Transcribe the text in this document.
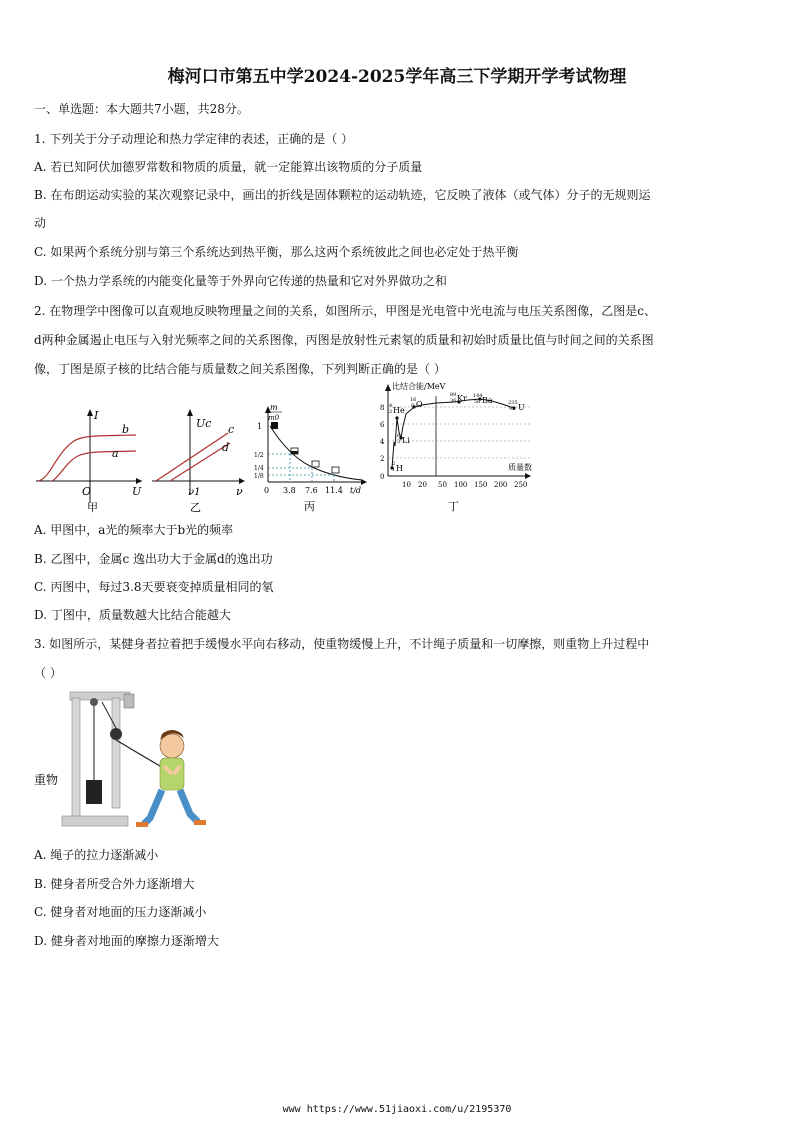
梅河口市第五中学2024-2025学年高三下学期开学考试物理
一、单选题：本大题共7小题，共28分。
1. 下列关于分子动理论和热力学定律的表述，正确的是（ ）
A. 若已知阿伏加德罗常数和物质的质量，就一定能算出该物质的分子质量
B. 在布朗运动实验的某次观察记录中，画出的折线是固体颗粒的运动轨迹，它反映了液体（或气体）分子的无规则运
动
C. 如果两个系统分别与第三个系统达到热平衡，那么这两个系统彼此之间也必定处于热平衡
D. 一个热力学系统的内能变化量等于外界向它传递的热量和它对外界做功之和
2. 在物理学中图像可以直观地反映物理量之间的关系，如图所示，甲图是光电管中光电流与电压关系图像，乙图是c、
d两种金属遏止电压与入射光频率之间的关系图像，丙图是放射性元素氡的质量和初始时质量比值与时间之间的关系图
像，丁图是原子核的比结合能与质量数之间关系图像，下列判断正确的是（ ）
I
b
a
O	U
甲
Uc c
d
ν1	ν
乙
m
m0
1
1/2
1/4
1/8
0 3.8 7.6 11.4 t/d
丙
比结合能/MeV
0
2
4
6
8
10 20 50 100 150 200 250
质量数
4
2 He
16
8 O
89
36 Kr 144
56 Ba	235
92 U
6
3 Li
2
1 H
丁
A. 甲图中，a光的频率大于b光的频率
B. 乙图中，金属c 逸出功大于金属d的逸出功
C. 丙图中，每过3.8天要衰变掉质量相同的氡
D. 丁图中，质量数越大比结合能越大
3. 如图所示，某健身者拉着把手缓慢水平向右移动，使重物缓慢上升，不计绳子质量和一切摩擦，则重物上升过程中
（ ）
重物
A. 绳子的拉力逐渐减小
B. 健身者所受合外力逐渐增大
C. 健身者对地面的压力逐渐减小
D. 健身者对地面的摩擦力逐渐增大
www https://www.51jiaoxi.com/u/2195370
